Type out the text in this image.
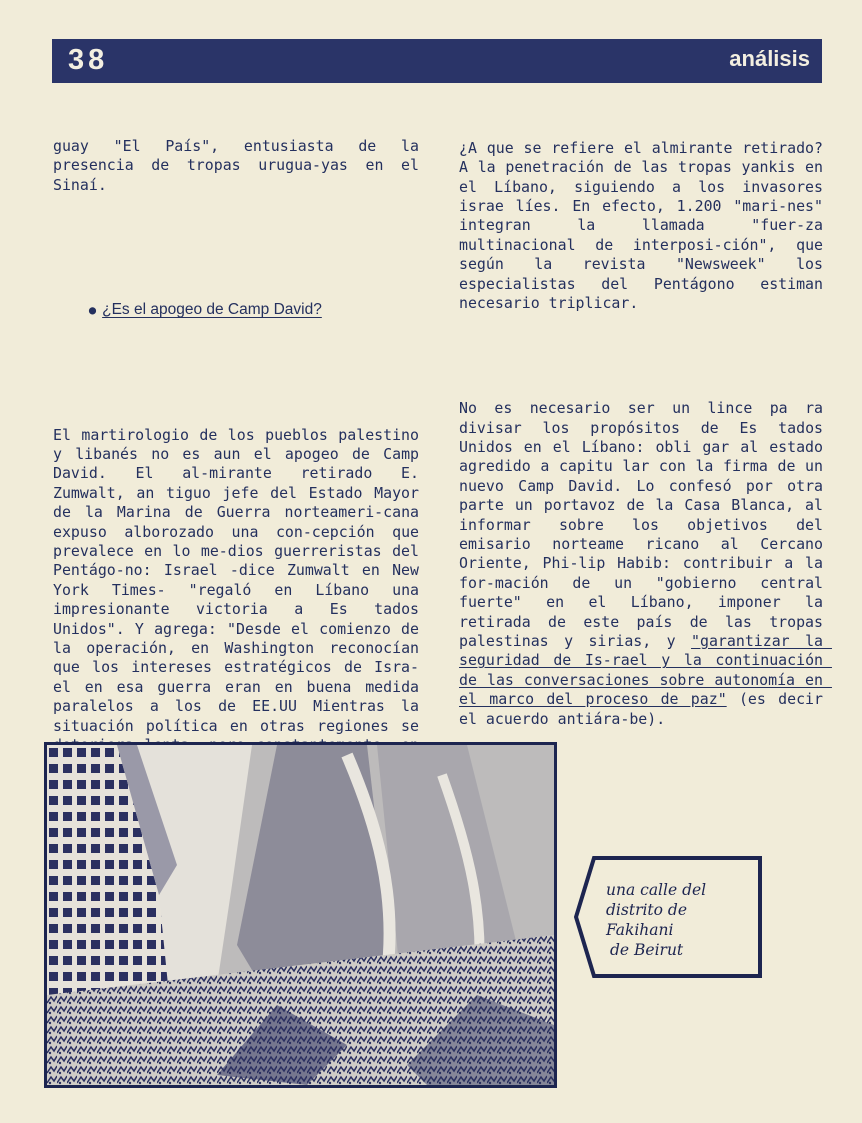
38	análisis

guay "El País", entusiasta de la presencia de tropas urugua-yas en el Sinaí.

● ¿Es el apogeo de Camp David?

El martirologio de los pueblos palestino y libanés no es aun el apogeo de Camp David. El al-mirante retirado E. Zumwalt, an tiguo jefe del Estado Mayor de la Marina de Guerra norteameri-cana expuso alborozado una con-cepción que prevalece en lo me-dios guerreristas del Pentágo-no: Israel -dice Zumwalt en New York Times- "regaló en Líbano una impresionante victoria a Es tados Unidos". Y agrega: "Desde el comienzo de la operación, en Washington reconocían que los intereses estratégicos de Isra-el en esa guerra eran en buena medida paralelos a los de EE.UU Mientras la situación política en otras regiones se

¿A que se refiere el almirante retirado? A la penetración de las tropas yankis en el Líbano, siguiendo a los invasores israe líes. En efecto, 1.200 "mari-nes" integran la llamada "fuer-za multinacional de interposi-ción", que según la revista "Newsweek" los especialistas del Pentágono estiman necesario triplicar.

No es necesario ser un lince pa ra divisar los propósitos de Es tados Unidos en el Líbano: obli gar al estado agredido a capitu lar con la firma de un nuevo Camp David. Lo confesó por otra parte un portavoz de la Casa Blanca, al informar sobre los objetivos del emisario norteame ricano al Cercano Oriente, Phi-lip Habib: contribuir a la for-mación de un "gobierno central fuerte" en el Líbano, imponer la retirada de este país de las tropas palestinas y sirias, y "garantizar la seguridad de Is-rael y la continuación de las conversaciones sobre autonomía en el marco del proceso de paz" (es decir el acuerdo antiára-be).

una calle del
distrito de
Fakihani
de Beirut
